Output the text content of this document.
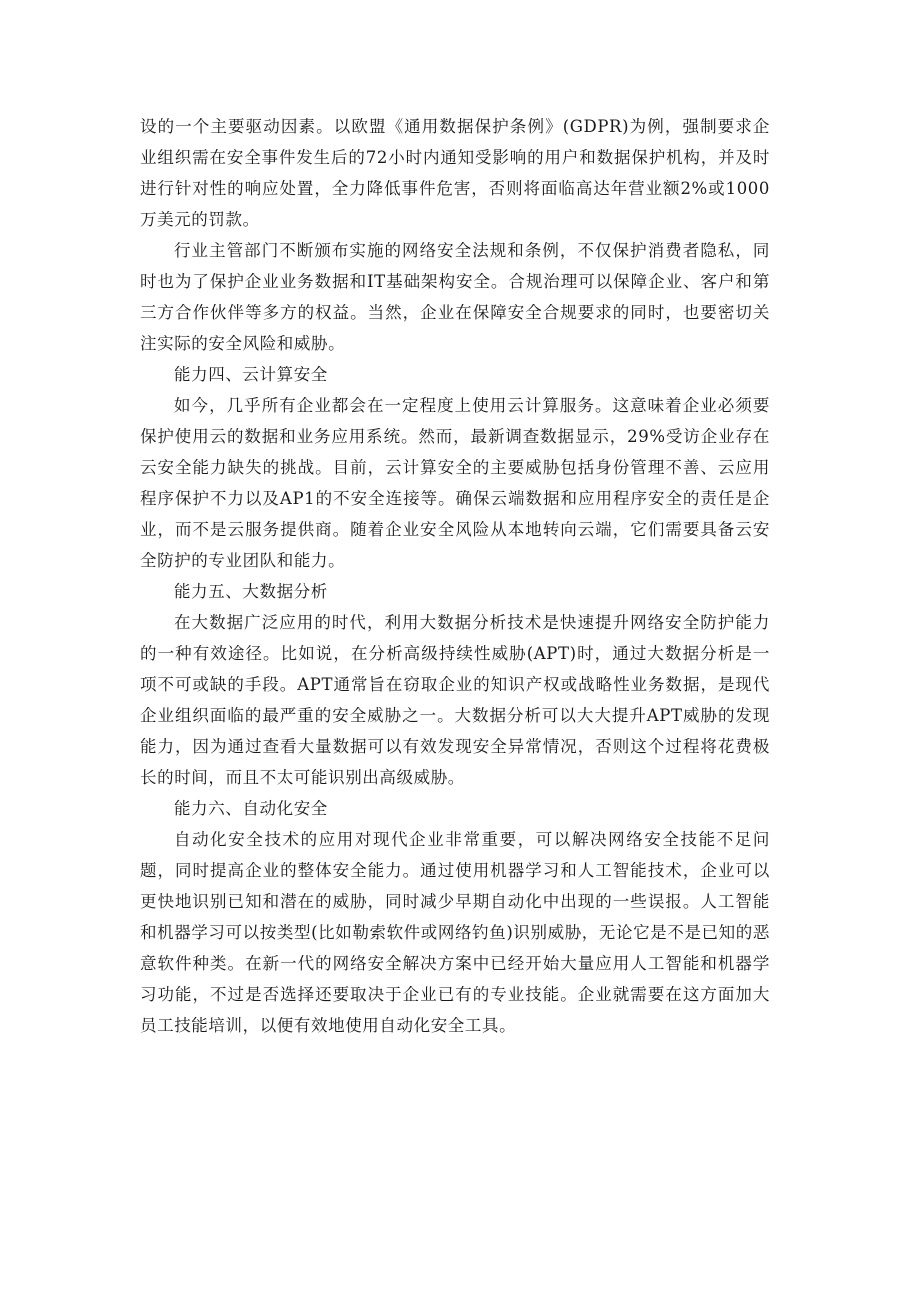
设的一个主要驱动因素。以欧盟《通用数据保护条例》(GDPR)为例，强制要求企业组织需在安全事件发生后的72小时内通知受影响的用户和数据保护机构，并及时进行针对性的响应处置，全力降低事件危害，否则将面临高达年营业额2%或1000万美元的罚款。

行业主管部门不断颁布实施的网络安全法规和条例，不仅保护消费者隐私，同时也为了保护企业业务数据和IT基础架构安全。合规治理可以保障企业、客户和第三方合作伙伴等多方的权益。当然，企业在保障安全合规要求的同时，也要密切关注实际的安全风险和威胁。

能力四、云计算安全

如今，几乎所有企业都会在一定程度上使用云计算服务。这意味着企业必须要保护使用云的数据和业务应用系统。然而，最新调查数据显示，29%受访企业存在云安全能力缺失的挑战。目前，云计算安全的主要威胁包括身份管理不善、云应用程序保护不力以及AP1的不安全连接等。确保云端数据和应用程序安全的责任是企业，而不是云服务提供商。随着企业安全风险从本地转向云端，它们需要具备云安全防护的专业团队和能力。

能力五、大数据分析

在大数据广泛应用的时代，利用大数据分析技术是快速提升网络安全防护能力的一种有效途径。比如说，在分析高级持续性威胁(APT)时，通过大数据分析是一项不可或缺的手段。APT通常旨在窃取企业的知识产权或战略性业务数据，是现代企业组织面临的最严重的安全威胁之一。大数据分析可以大大提升APT威胁的发现能力，因为通过查看大量数据可以有效发现安全异常情况，否则这个过程将花费极长的时间，而且不太可能识别出高级威胁。

能力六、自动化安全

自动化安全技术的应用对现代企业非常重要，可以解决网络安全技能不足问题，同时提高企业的整体安全能力。通过使用机器学习和人工智能技术，企业可以更快地识别已知和潜在的威胁，同时减少早期自动化中出现的一些误报。人工智能和机器学习可以按类型(比如勒索软件或网络钓鱼)识别威胁，无论它是不是已知的恶意软件种类。在新一代的网络安全解决方案中已经开始大量应用人工智能和机器学习功能，不过是否选择还要取决于企业已有的专业技能。企业就需要在这方面加大员工技能培训，以便有效地使用自动化安全工具。
